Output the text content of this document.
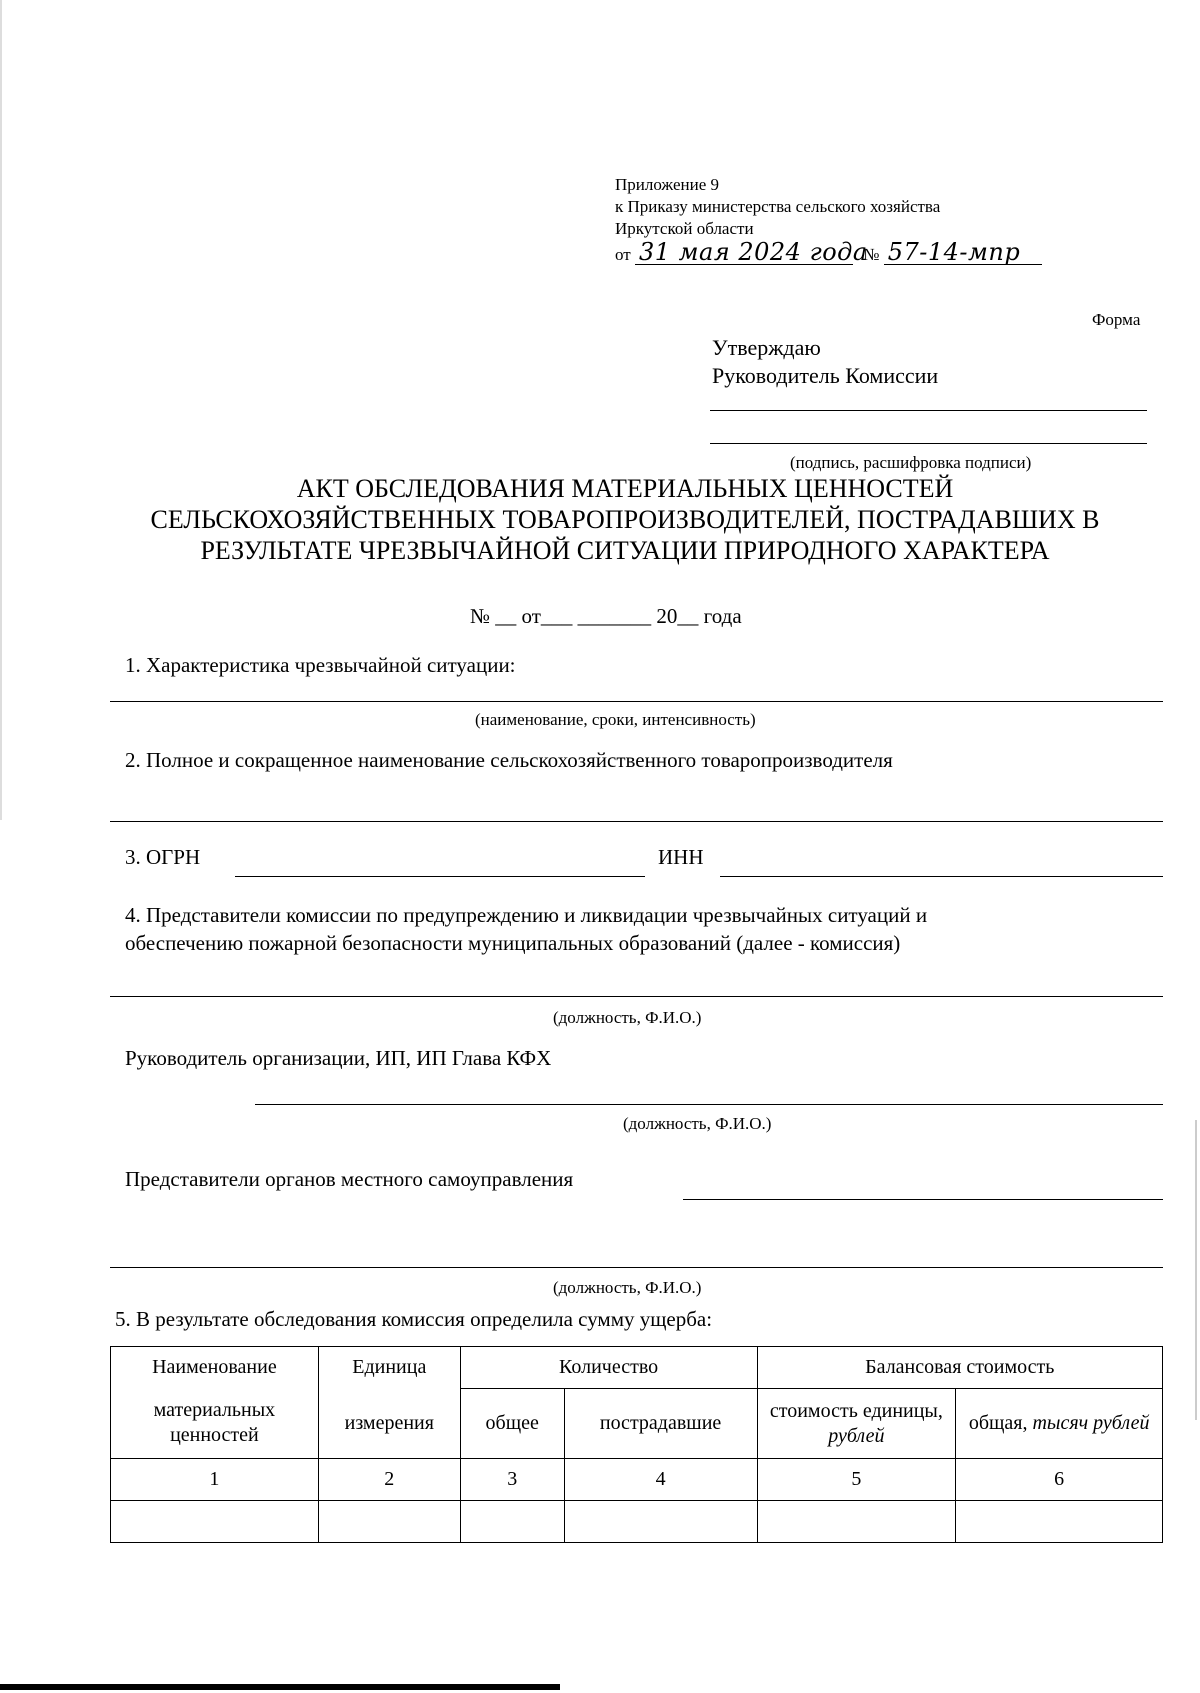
Приложение 9
к Приказу министерства сельского хозяйства
Иркутской области
от 31 мая 2024 года № 57-14-мпр
Форма
Утверждаю
Руководитель Комиссии
(подпись, расшифровка подписи)
АКТ ОБСЛЕДОВАНИЯ МАТЕРИАЛЬНЫХ ЦЕННОСТЕЙ
СЕЛЬСКОХОЗЯЙСТВЕННЫХ ТОВАРОПРОИЗВОДИТЕЛЕЙ, ПОСТРАДАВШИХ В
РЕЗУЛЬТАТЕ ЧРЕЗВЫЧАЙНОЙ СИТУАЦИИ ПРИРОДНОГО ХАРАКТЕРА
№ __ от___ _______ 20__ года
1. Характеристика чрезвычайной ситуации:
(наименование, сроки, интенсивность)
2. Полное и сокращенное наименование сельскохозяйственного товаропроизводителя
3. ОГРН	ИНН
4. Представители комиссии по предупреждению и ликвидации чрезвычайных ситуаций и
обеспечению пожарной безопасности муниципальных образований (далее - комиссия)
(должность, Ф.И.О.)
Руководитель организации, ИП, ИП Глава КФХ
(должность, Ф.И.О.)
Представители органов местного самоуправления
(должность, Ф.И.О.)
5. В результате обследования комиссия определила сумму ущерба:
Наименование	Единица	Количество		Балансовая стоимость	
материальных ценностей	измерения	общее	пострадавшие	стоимость единицы, рублей	общая, тысяч рублей
1	2	3	4	5	6
